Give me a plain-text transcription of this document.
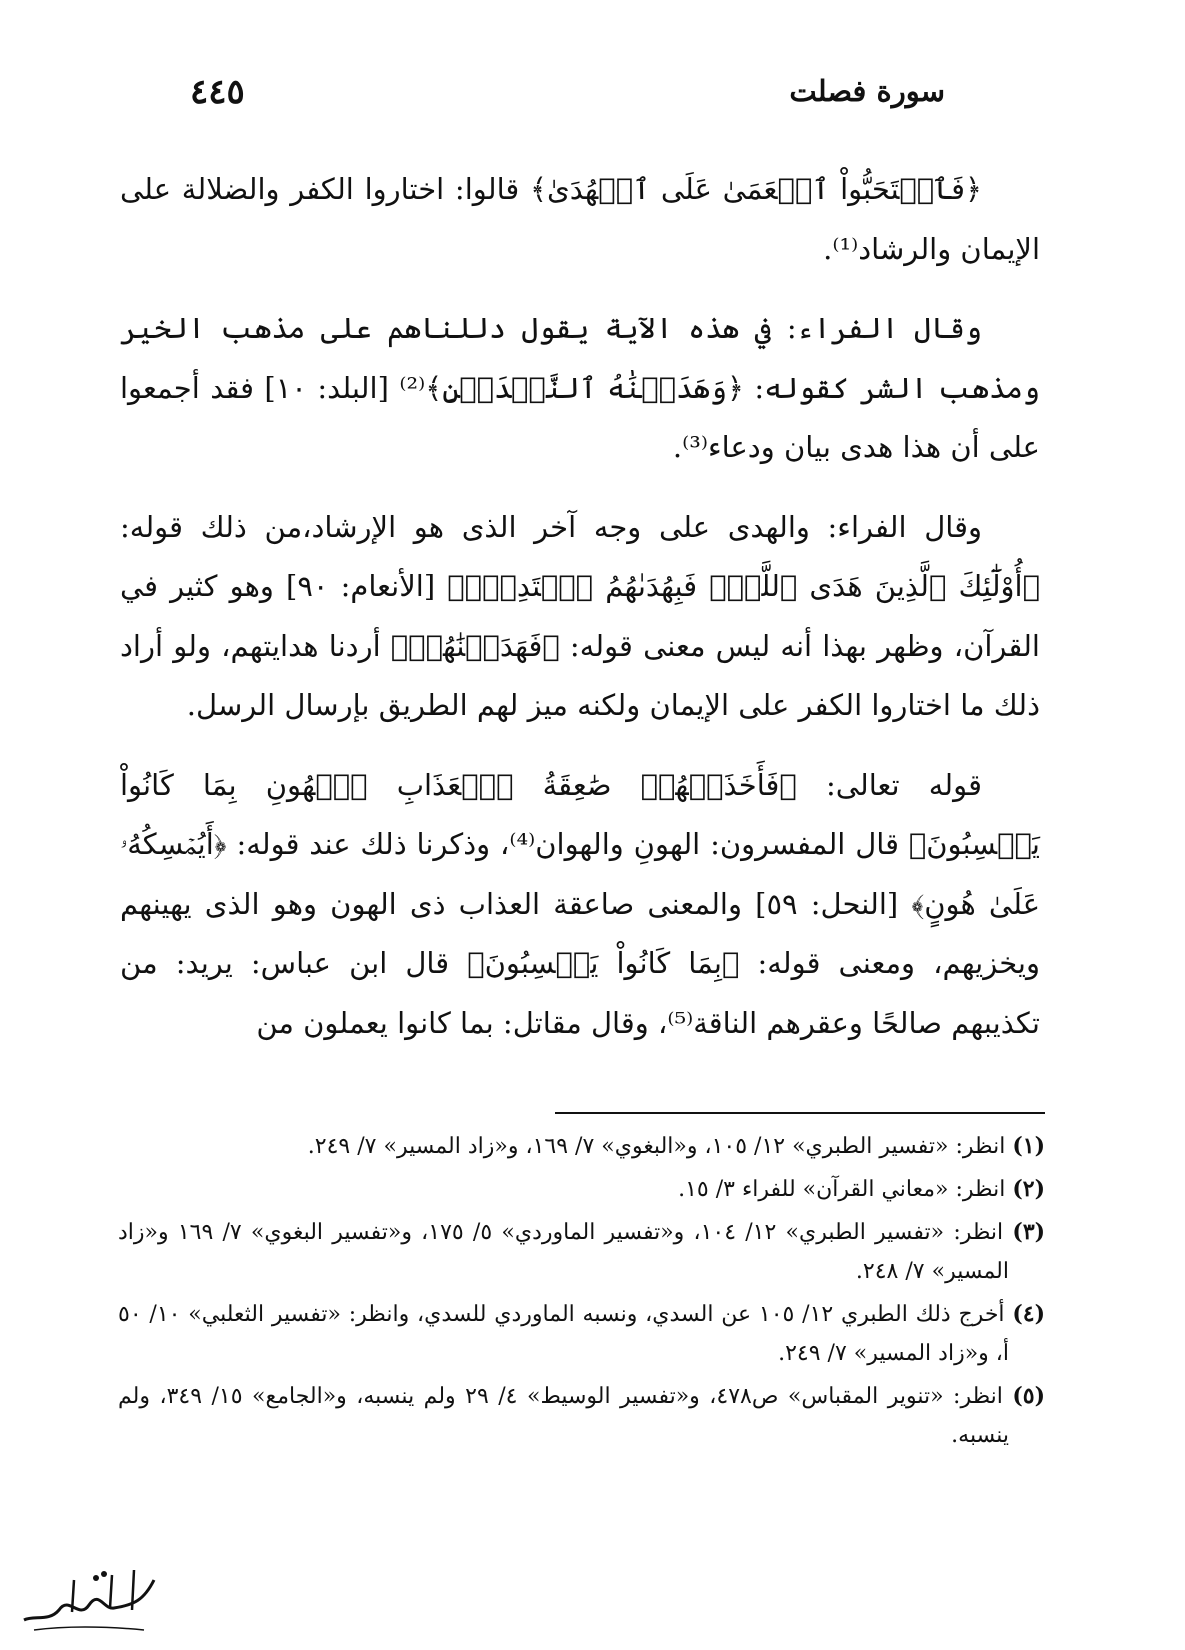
٤٤٥	سورة فصلت

﴿فَٱسۡتَحَبُّواْ ٱلۡعَمَىٰ عَلَى ٱلۡهُدَىٰ﴾ قالوا: اختاروا الكفر والضلالة على الإيمان والرشاد⁽¹⁾.

وقال الفراء: في هذه الآية يقول دللناهم على مذهب الخير ومذهب الشر كقوله: ﴿وَهَدَيۡنَٰهُ ٱلنَّجۡدَيۡنِ﴾⁽²⁾ [البلد: ١٠] فقد أجمعوا على أن هذا هدى بيان ودعاء⁽³⁾.

وقال الفراء: والهدى على وجه آخر الذى هو الإرشاد،من ذلك قوله: ﴿أُوْلَٰٓئِكَ ٱلَّذِينَ هَدَى ٱللَّهُۖ فَبِهُدَىٰهُمُ ٱقۡتَدِهۡۗ﴾ [الأنعام: ٩٠] وهو كثير في القرآن، وظهر بهذا أنه ليس معنى قوله: ﴿فَهَدَيۡنَٰهُمۡ﴾ أردنا هدايتهم، ولو أراد ذلك ما اختاروا الكفر على الإيمان ولكنه ميز لهم الطريق بإرسال الرسل.

قوله تعالى: ﴿فَأَخَذَتۡهُمۡ صَٰعِقَةُ ٱلۡعَذَابِ ٱلۡهُونِ بِمَا كَانُواْ يَكۡسِبُونَ﴾ قال المفسرون: الهونِ والهوان⁽⁴⁾، وذكرنا ذلك عند قوله: ﴿أَيُمۡسِكُهُۥ عَلَىٰ هُونٍ﴾ [النحل: ٥٩] والمعنى صاعقة العذاب ذى الهون وهو الذى يهينهم ويخزيهم، ومعنى قوله: ﴿بِمَا كَانُواْ يَكۡسِبُونَ﴾ قال ابن عباس: يريد: من تكذيبهم صالحًا وعقرهم الناقة⁽⁵⁾، وقال مقاتل: بما كانوا يعملون من

(١) انظر: «تفسير الطبري» ١٢/ ١٠٥، و«البغوي» ٧/ ١٦٩، و«زاد المسير» ٧/ ٢٤٩.
(٢) انظر: «معاني القرآن» للفراء ٣/ ١٥.
(٣) انظر: «تفسير الطبري» ١٢/ ١٠٤، و«تفسير الماوردي» ٥/ ١٧٥، و«تفسير البغوي» ٧/ ١٦٩ و«زاد المسير» ٧/ ٢٤٨.
(٤) أخرج ذلك الطبري ١٢/ ١٠٥ عن السدي، ونسبه الماوردي للسدي، وانظر: «تفسير الثعلبي» ١٠/ ٥٠ أ، و«زاد المسير» ٧/ ٢٤٩.
(٥) انظر: «تنوير المقباس» ص٤٧٨، و«تفسير الوسيط» ٤/ ٢٩ ولم ينسبه، و«الجامع» ١٥/ ٣٤٩، ولم ينسبه.
